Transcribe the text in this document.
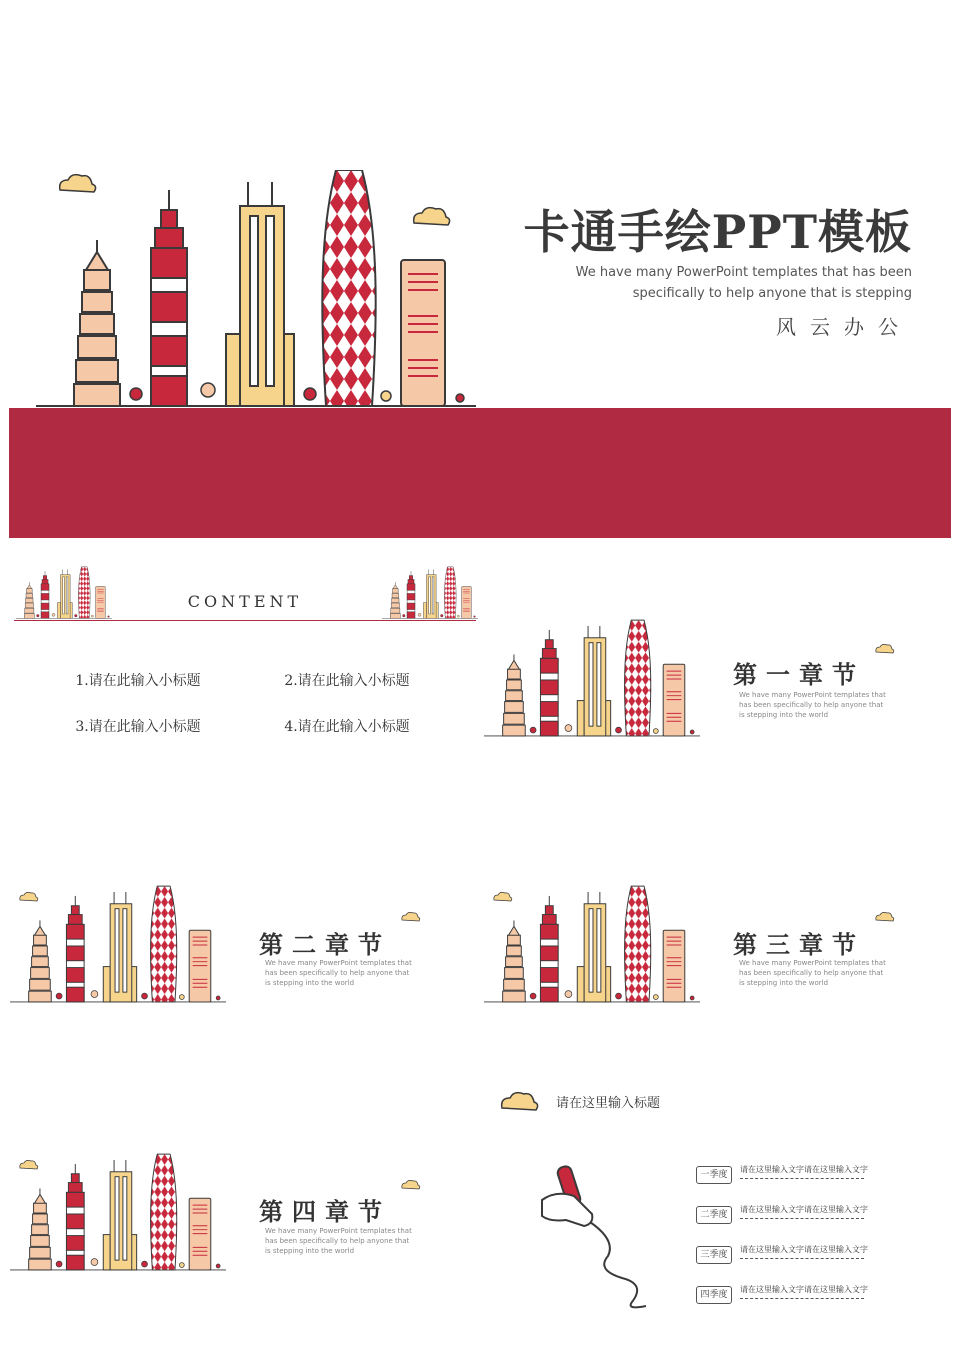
卡通手绘PPT模板
We have many PowerPoint templates that has been
specifically to help anyone that is stepping
风云办公
CONTENT
1.请在此输入小标题	2.请在此输入小标题
3.请在此输入小标题	4.请在此输入小标题
第一章节
We have many PowerPoint templates that has been specifically to help anyone that is stepping into the world
第二章节
We have many PowerPoint templates that has been specifically to help anyone that is stepping into the world
第三章节
We have many PowerPoint templates that has been specifically to help anyone that is stepping into the world
第四章节
We have many PowerPoint templates that has been specifically to help anyone that is stepping into the world
请在这里输入标题
一季度
请在这里输入文字请在这里输入文字
二季度
请在这里输入文字请在这里输入文字
三季度
请在这里输入文字请在这里输入文字
四季度
请在这里输入文字请在这里输入文字
